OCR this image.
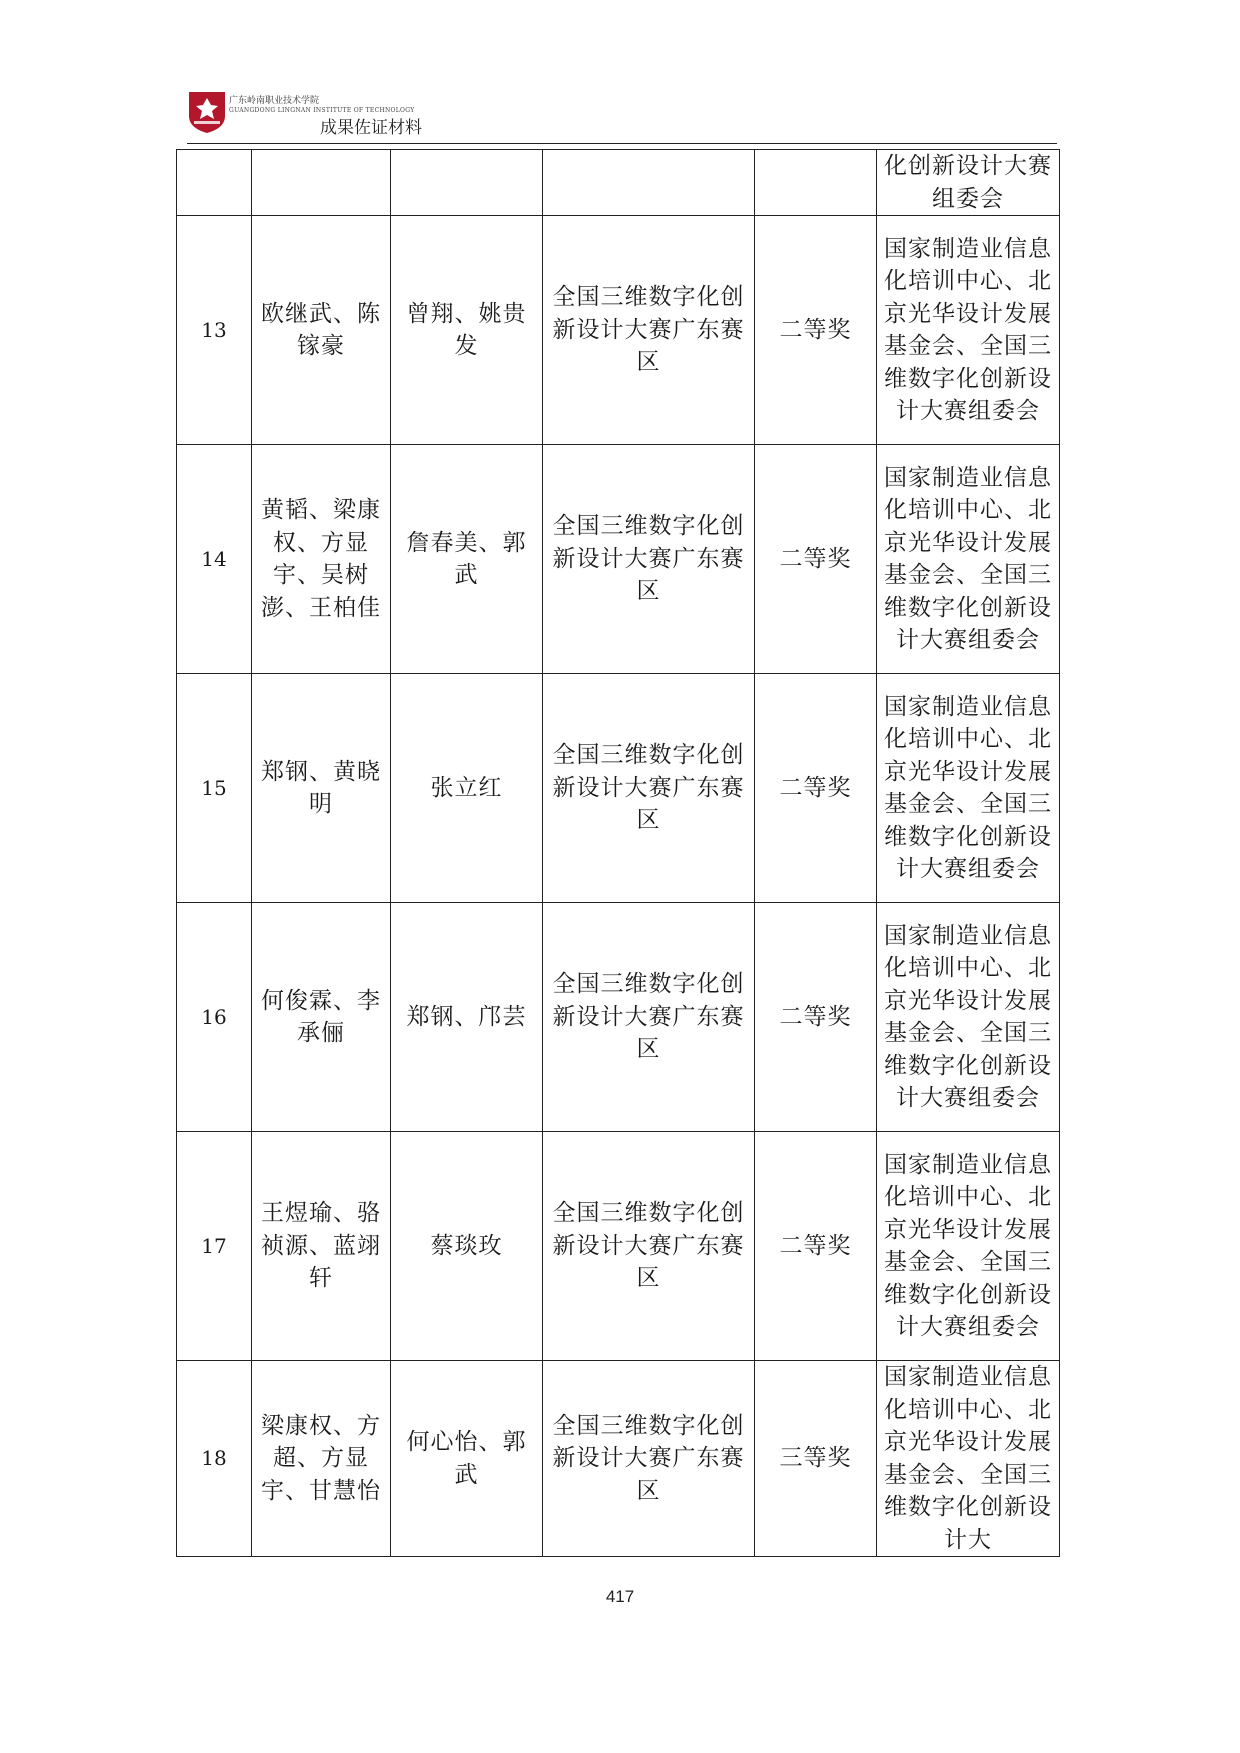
广东岭南职业技术学院
GUANGDONG LINGNAN INSTITUTE OF TECHNOLOGY
成果佐证材料
					化创新设计大赛组委会
13	欧继武、陈镓豪	曾翔、姚贵发	全国三维数字化创新设计大赛广东赛区	二等奖	国家制造业信息化培训中心、北京光华设计发展基金会、全国三维数字化创新设计大赛组委会
14	黄韬、梁康权、方显宇、吴树澎、王柏佳	詹春美、郭武	全国三维数字化创新设计大赛广东赛区	二等奖	国家制造业信息化培训中心、北京光华设计发展基金会、全国三维数字化创新设计大赛组委会
15	郑钢、黄晓明	张立红	全国三维数字化创新设计大赛广东赛区	二等奖	国家制造业信息化培训中心、北京光华设计发展基金会、全国三维数字化创新设计大赛组委会
16	何俊霖、李承俪	郑钢、邝芸	全国三维数字化创新设计大赛广东赛区	二等奖	国家制造业信息化培训中心、北京光华设计发展基金会、全国三维数字化创新设计大赛组委会
17	王煜瑜、骆祯源、蓝翊轩	蔡琰玫	全国三维数字化创新设计大赛广东赛区	二等奖	国家制造业信息化培训中心、北京光华设计发展基金会、全国三维数字化创新设计大赛组委会
18	梁康权、方超、方显宇、甘慧怡	何心怡、郭武	全国三维数字化创新设计大赛广东赛区	三等奖	国家制造业信息化培训中心、北京光华设计发展基金会、全国三维数字化创新设计大
417
